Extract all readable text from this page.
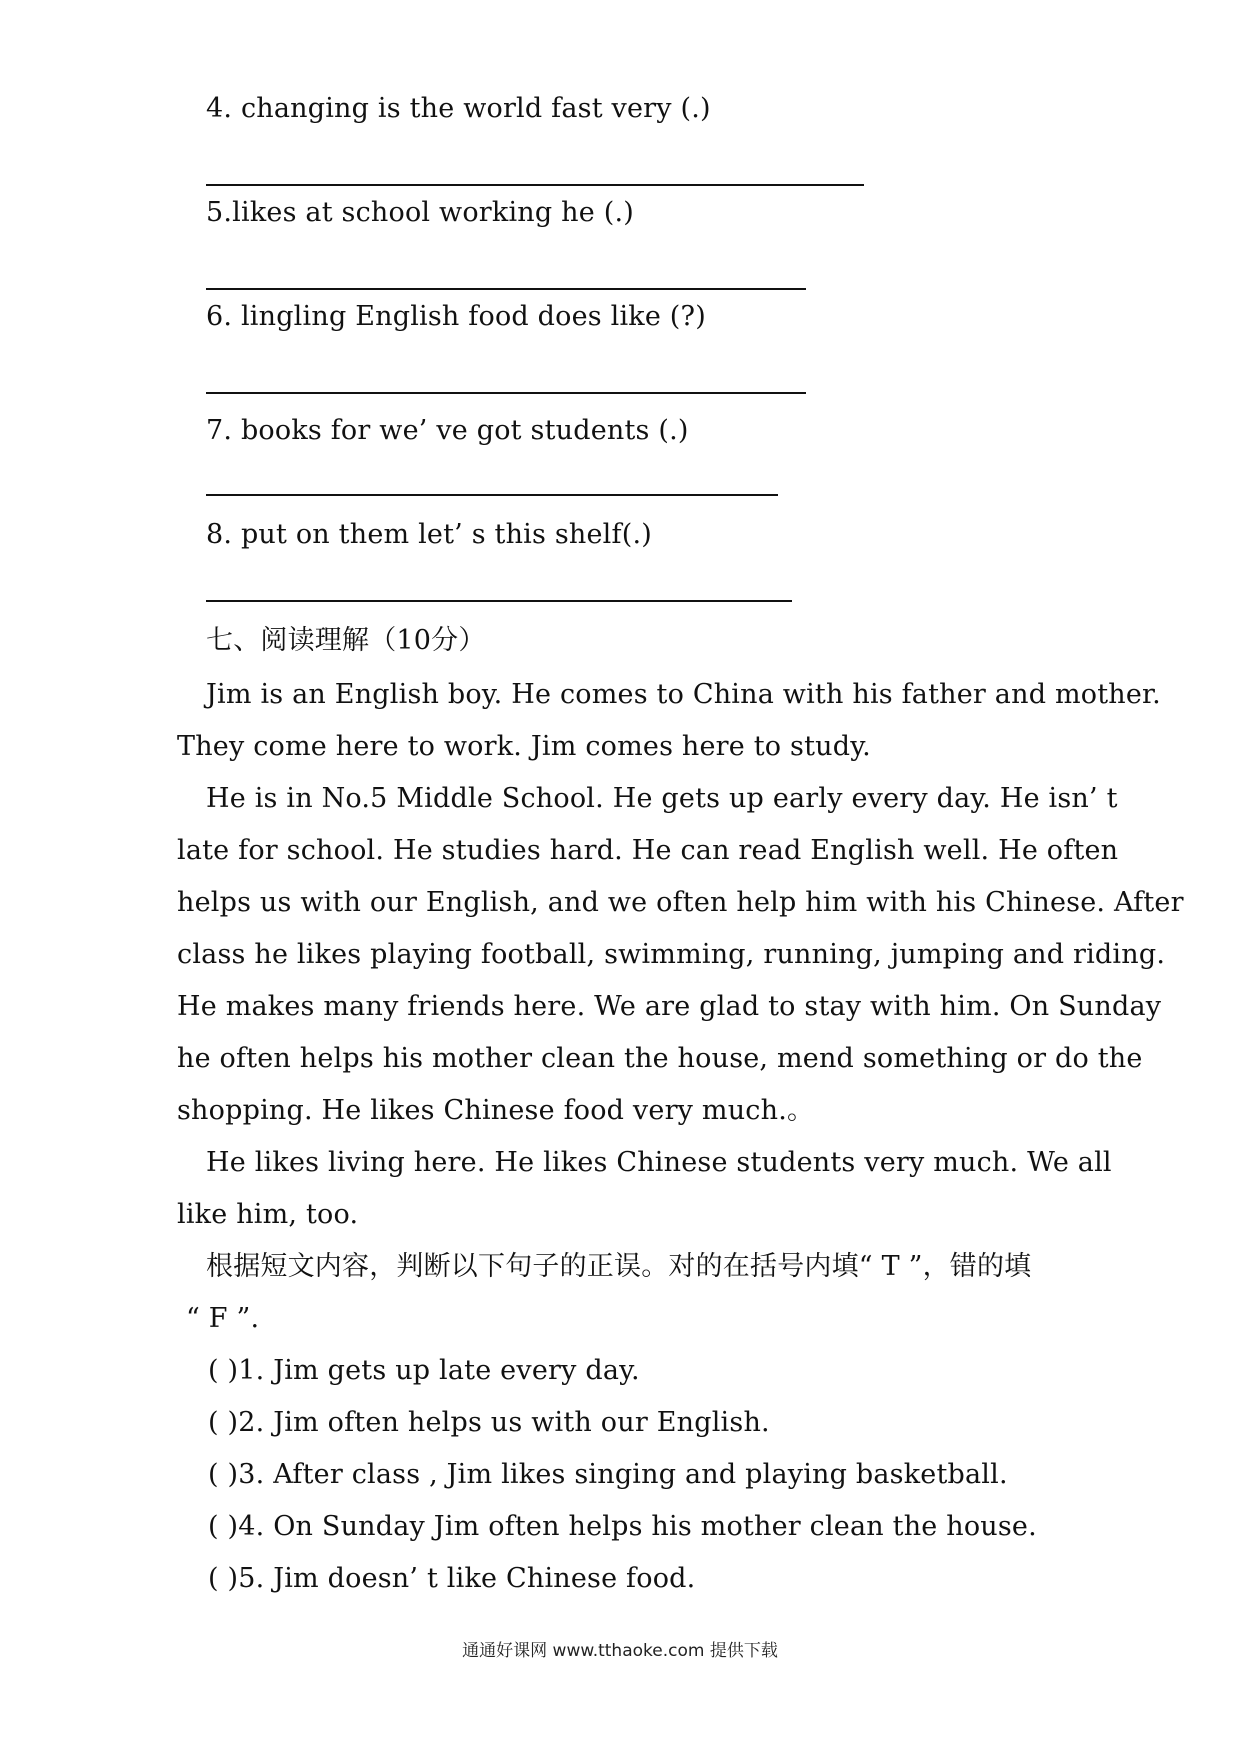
4. changing is the world fast very (.)
5.likes at school working he (.)
6. lingling English food does like (?)
7. books for we’ ve got students (.)
8. put on them let’ s this shelf(.)
七、阅读理解（10分）
Jim is an English boy. He comes to China with his father and mother.
They come here to work. Jim comes here to study.
He is in No.5 Middle School. He gets up early every day. He isn’ t
late for school. He studies hard. He can read English well. He often
helps us with our English, and we often help him with his Chinese. After
class he likes playing football, swimming, running, jumping and riding.
He makes many friends here. We are glad to stay with him. On Sunday
he often helps his mother clean the house, mend something or do the
shopping. He likes Chinese food very much.。
He likes living here. He likes Chinese students very much. We all
like him, too.
根据短文内容，判断以下句子的正误。对的在括号内填“ T ”，错的填
“ F ”.
( )1. Jim gets up late every day.
( )2. Jim often helps us with our English.
( )3. After class , Jim likes singing and playing basketball.
( )4. On Sunday Jim often helps his mother clean the house.
( )5. Jim doesn’ t like Chinese food.
通通好课网 www.tthaoke.com 提供下载
